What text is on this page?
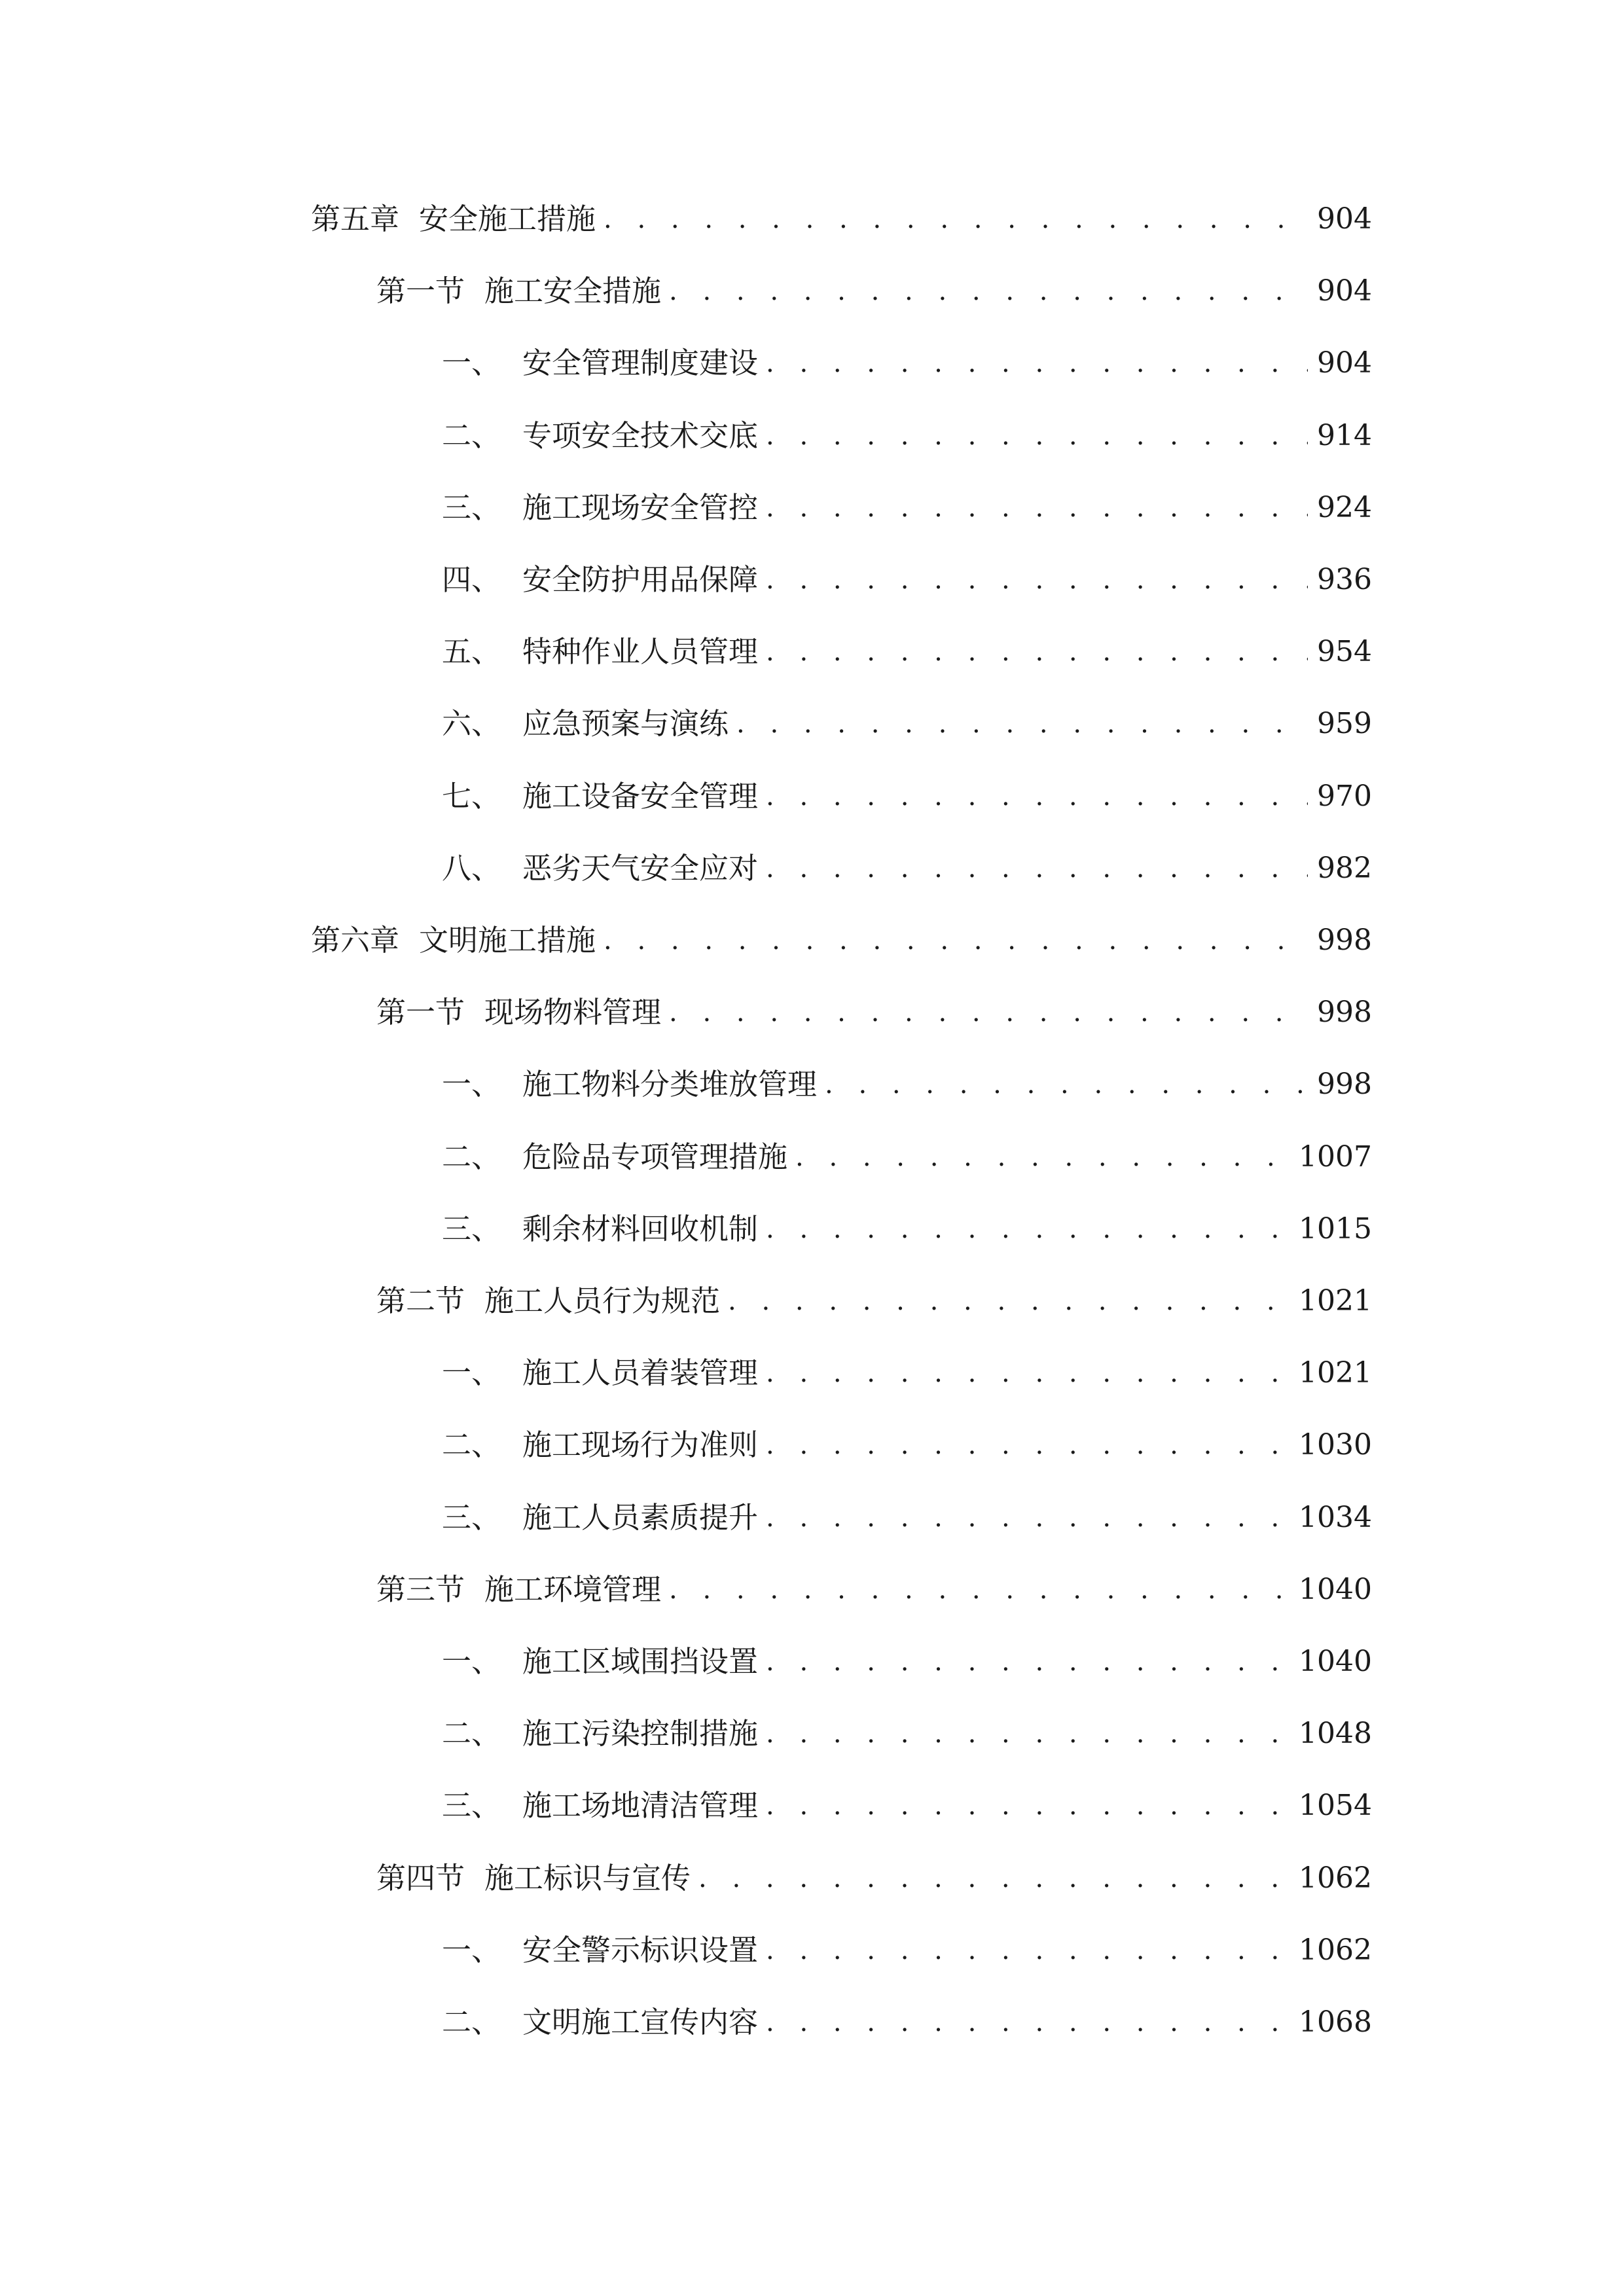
第五章 安全施工措施 . . .	904
第一节 施工安全措施 . . .	904
一、 安全管理制度建设 . . .	904
二、 专项安全技术交底 . . .	914
三、 施工现场安全管控 . . .	924
四、 安全防护用品保障 . . .	936
五、 特种作业人员管理 . . .	954
六、 应急预案与演练 . . .	959
七、 施工设备安全管理 . . .	970
八、 恶劣天气安全应对 . . .	982
第六章 文明施工措施 . . .	998
第一节 现场物料管理 . . .	998
一、 施工物料分类堆放管理 . . .	998
二、 危险品专项管理措施 . . .	1007
三、 剩余材料回收机制 . . .	1015
第二节 施工人员行为规范 . . .	1021
一、 施工人员着装管理 . . .	1021
二、 施工现场行为准则 . . .	1030
三、 施工人员素质提升 . . .	1034
第三节 施工环境管理 . . .	1040
一、 施工区域围挡设置 . . .	1040
二、 施工污染控制措施 . . .	1048
三、 施工场地清洁管理 . . .	1054
第四节 施工标识与宣传 . . .	1062
一、 安全警示标识设置 . . .	1062
二、 文明施工宣传内容 . . .	1068
